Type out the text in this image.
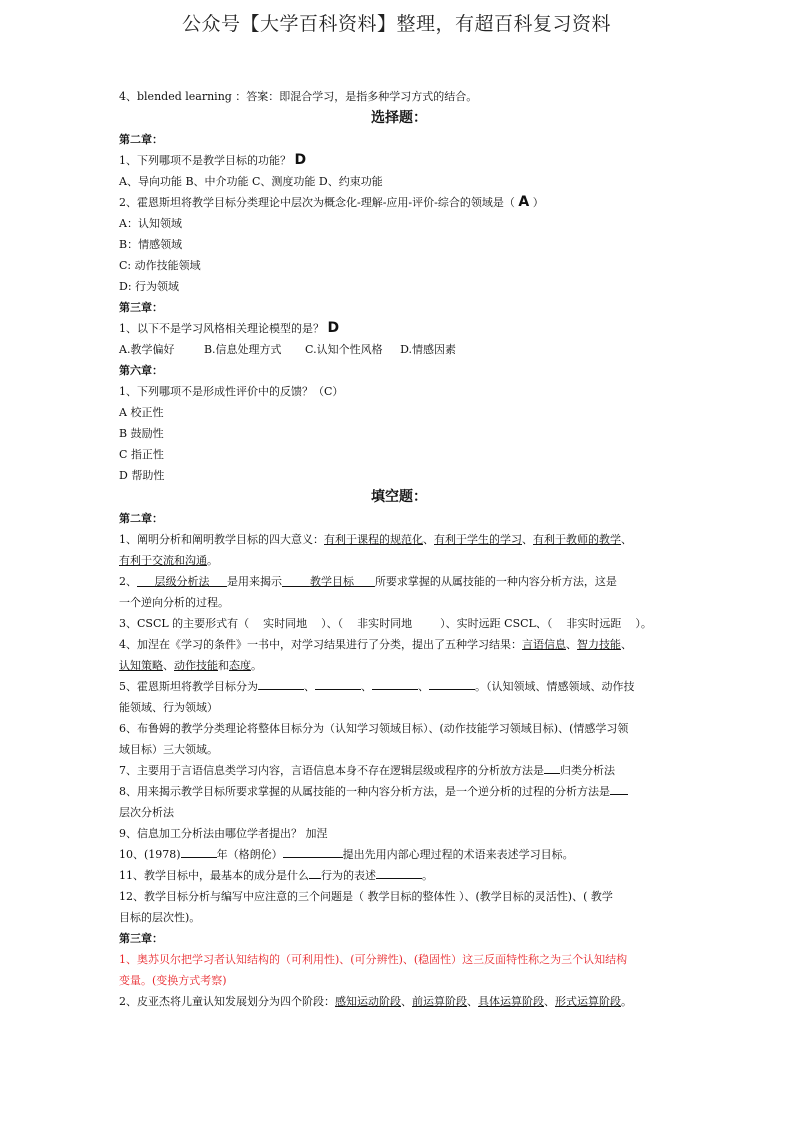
公众号【大学百科资料】整理，有超百科复习资料
4、blended learning ：答案：即混合学习，是指多种学习方式的结合。
选择题：
第二章：
1、下列哪项不是教学目标的功能？ D
A、导向功能 B、中介功能 C、测度功能 D、约束功能
2、霍恩斯坦将教学目标分类理论中层次为概念化-理解-应用-评价-综合的领域是（ A ）
A：认知领域
B：情感领域
C: 动作技能领域
D: 行为领域
第三章：
1、以下不是学习风格相关理论模型的是？ D
A.教学偏好	B.信息处理方式 C.认知个性风格 D.情感因素
第六章：
1、下列哪项不是形成性评价中的反馈？（C）
A 校正性
B 鼓励性
C 指正性
D 帮助性
填空题：
第二章：
1、阐明分析和阐明教学目标的四大意义：有利于课程的规范化、有利于学生的学习、有利于教师的教学、
有利于交流和沟通。
2、 层级分析法 是用来揭示	教学目标 所要求掌握的从属技能的一种内容分析方法，这是
一个逆向分析的过程。
3、CSCL 的主要形式有（ 实时同地 ）、（ 非实时同地	）、实时远距 CSCL、（ 非实时远距 ）。
4、加涅在《学习的条件》一书中，对学习结果进行了分类，提出了五种学习结果：言语信息、智力技能、
认知策略、动作技能和态度。
5、霍恩斯坦将教学目标分为	、	、	、	。（认知领域、情感领域、动作技
能领域、行为领域）
6、布鲁姆的教学分类理论将整体目标分为（认知学习领域目标）、(动作技能学习领域目标)、(情感学习领
域目标）三大领域。
7、主要用于言语信息类学习内容，言语信息本身不存在逻辑层级或程序的分析放方法是 归类分析法
8、用来揭示教学目标所要求掌握的从属技能的一种内容分析方法，是一个逆分析的过程的分析方法是
层次分析法
9、信息加工分析法由哪位学者提出？ 加涅
10、(1978)	年（格朗伦）	提出先用内部心理过程的术语来表述学习目标。
11、教学目标中，最基本的成分是什么 行为的表述	。
12、教学目标分析与编写中应注意的三个问题是（ 教学目标的整体性 ）、(教学目标的灵活性)、( 教学
目标的层次性)。
第三章：
1、奥苏贝尔把学习者认知结构的（可利用性)、(可分辨性)、(稳固性）这三反面特性称之为三个认知结构
变量。(变换方式考察)
2、皮亚杰将儿童认知发展划分为四个阶段：感知运动阶段、前运算阶段、具体运算阶段、形式运算阶段。
